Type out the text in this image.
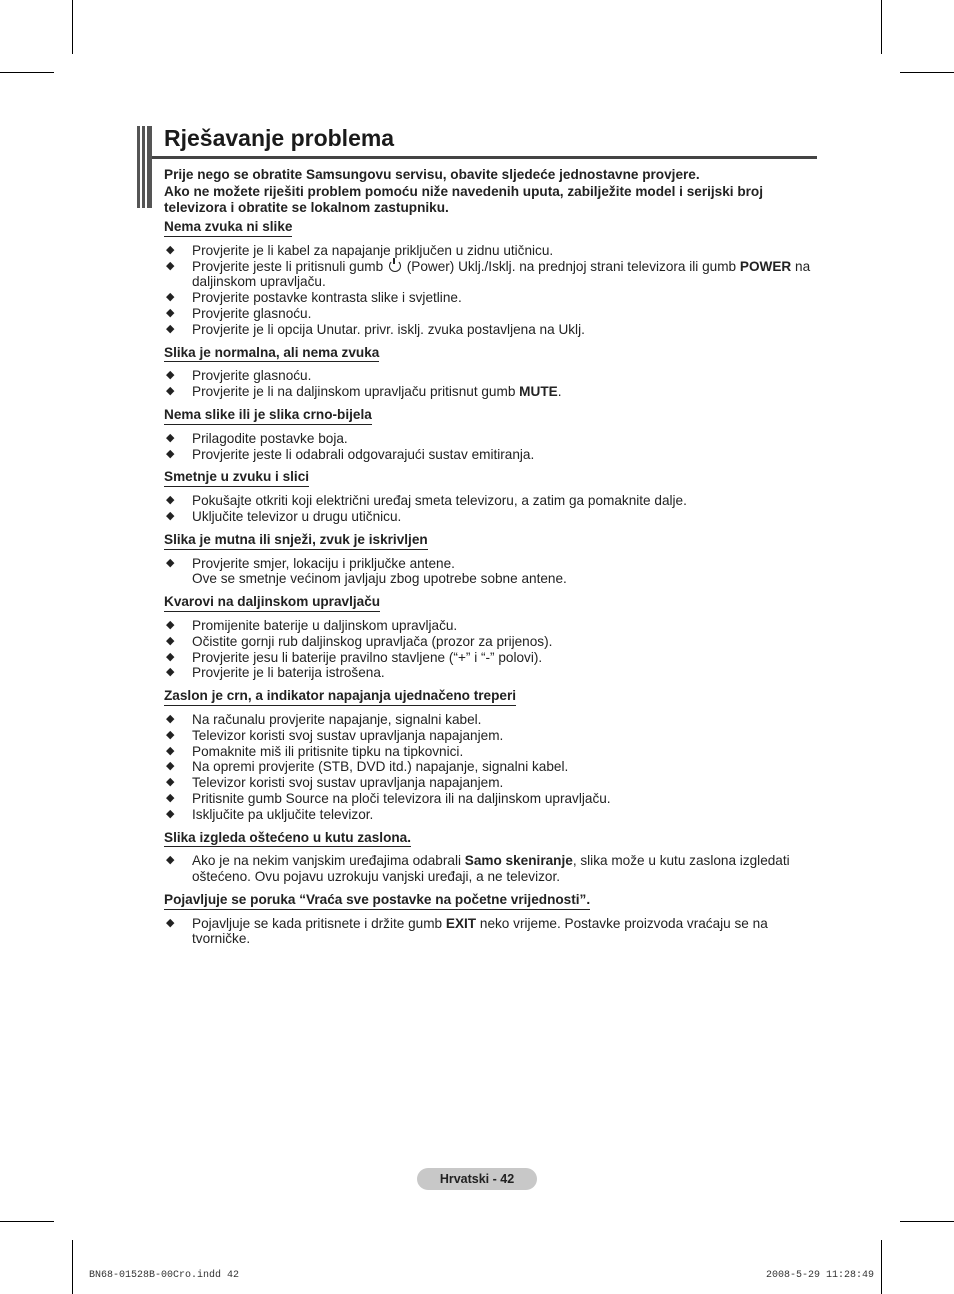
Rješavanje problema
Prije nego se obratite Samsungovu servisu, obavite sljedeće jednostavne provjere.
Ako ne možete riješiti problem pomoću niže navedenih uputa, zabilježite model i serijski broj
televizora i obratite se lokalnom zastupniku.
Nema zvuka ni slike
◆ Provjerite je li kabel za napajanje priključen u zidnu utičnicu.
◆ Provjerite jeste li pritisnuli gumb (Power) Uklj./Isklj. na prednjoj strani televizora ili gumb POWER na daljinskom upravljaču.
◆ Provjerite postavke kontrasta slike i svjetline.
◆ Provjerite glasnoću.
◆ Provjerite je li opcija Unutar. privr. isklj. zvuka postavljena na Uklj.
Slika je normalna, ali nema zvuka
◆ Provjerite glasnoću.
◆ Provjerite je li na daljinskom upravljaču pritisnut gumb MUTE.
Nema slike ili je slika crno-bijela
◆ Prilagodite postavke boja.
◆ Provjerite jeste li odabrali odgovarajući sustav emitiranja.
Smetnje u zvuku i slici
◆ Pokušajte otkriti koji električni uređaj smeta televizoru, a zatim ga pomaknite dalje.
◆ Uključite televizor u drugu utičnicu.
Slika je mutna ili snježi, zvuk je iskrivljen
◆ Provjerite smjer, lokaciju i priključke antene.
Ove se smetnje većinom javljaju zbog upotrebe sobne antene.
Kvarovi na daljinskom upravljaču
◆ Promijenite baterije u daljinskom upravljaču.
◆ Očistite gornji rub daljinskog upravljača (prozor za prijenos).
◆ Provjerite jesu li baterije pravilno stavljene (“+” i “-” polovi).
◆ Provjerite je li baterija istrošena.
Zaslon je crn, a indikator napajanja ujednačeno treperi
◆ Na računalu provjerite napajanje, signalni kabel.
◆ Televizor koristi svoj sustav upravljanja napajanjem.
◆ Pomaknite miš ili pritisnite tipku na tipkovnici.
◆ Na opremi provjerite (STB, DVD itd.) napajanje, signalni kabel.
◆ Televizor koristi svoj sustav upravljanja napajanjem.
◆ Pritisnite gumb Source na ploči televizora ili na daljinskom upravljaču.
◆ Isključite pa uključite televizor.
Slika izgleda oštećeno u kutu zaslona.
◆ Ako je na nekim vanjskim uređajima odabrali Samo skeniranje, slika može u kutu zaslona izgledati oštećeno. Ovu pojavu uzrokuju vanjski uređaji, a ne televizor.
Pojavljuje se poruka “Vraća sve postavke na početne vrijednosti”.
◆ Pojavljuje se kada pritisnete i držite gumb EXIT neko vrijeme. Postavke proizvoda vraćaju se na tvorničke.
Hrvatski - 42
BN68-01528B-00Cro.indd 42	2008-5-29 11:28:49
